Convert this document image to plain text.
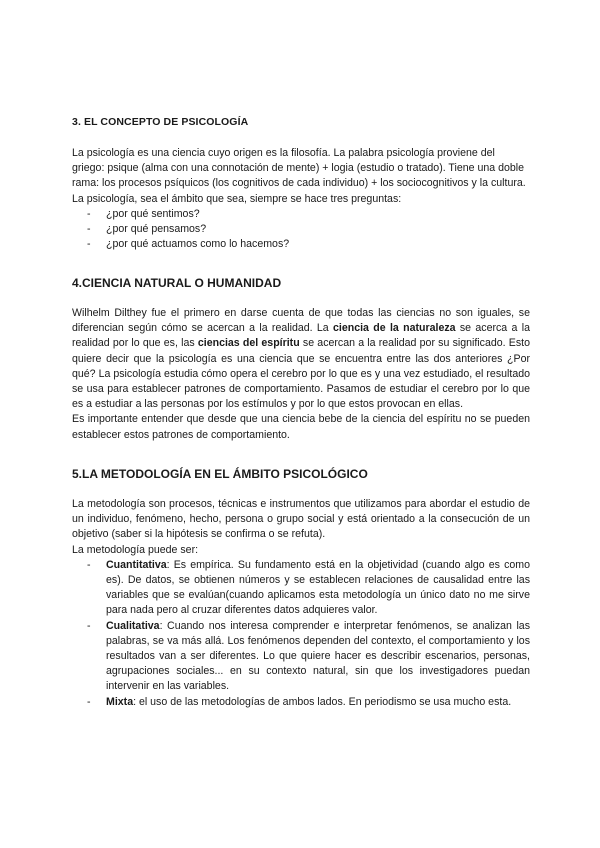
3. EL CONCEPTO DE PSICOLOGÍA

La psicología es una ciencia cuyo origen es la filosofía. La palabra psicología proviene del griego: psique (alma con una connotación de mente) + logia (estudio o tratado). Tiene una doble rama: los procesos psíquicos (los cognitivos de cada individuo) + los sociocognitivos y la cultura.

La psicología, sea el ámbito que sea, siempre se hace tres preguntas:

- ¿por qué sentimos?
- ¿por qué pensamos?
- ¿por qué actuamos como lo hacemos?
4.CIENCIA NATURAL O HUMANIDAD

Wilhelm Dilthey fue el primero en darse cuenta de que todas las ciencias no son iguales, se diferencian según cómo se acercan a la realidad. La ciencia de la naturaleza se acerca a la realidad por lo que es, las ciencias del espíritu se acercan a la realidad por su significado. Esto quiere decir que la psicología es una ciencia que se encuentra entre las dos anteriores ¿Por qué? La psicología estudia cómo opera el cerebro por lo que es y una vez estudiado, el resultado se usa para establecer patrones de comportamiento. Pasamos de estudiar el cerebro por lo que es a estudiar a las personas por los estímulos y por lo que estos provocan en ellas.

Es importante entender que desde que una ciencia bebe de la ciencia del espíritu no se pueden establecer estos patrones de comportamiento.

5.LA METODOLOGÍA EN EL ÁMBITO PSICOLÓGICO

La metodología son procesos, técnicas e instrumentos que utilizamos para abordar el estudio de un individuo, fenómeno, hecho, persona o grupo social y está orientado a la consecución de un objetivo (saber si la hipótesis se confirma o se refuta).

La metodología puede ser:

- Cuantitativa: Es empírica. Su fundamento está en la objetividad (cuando algo es como es). De datos, se obtienen números y se establecen relaciones de causalidad entre las variables que se evalúan(cuando aplicamos esta metodología un único dato no me sirve para nada pero al cruzar diferentes datos adquieres valor.
- Cualitativa: Cuando nos interesa comprender e interpretar fenómenos, se analizan las palabras, se va más allá. Los fenómenos dependen del contexto, el comportamiento y los resultados van a ser diferentes. Lo que quiere hacer es describir escenarios, personas, agrupaciones sociales... en su contexto natural, sin que los investigadores puedan intervenir en las variables.
- Mixta: el uso de las metodologías de ambos lados. En periodismo se usa mucho esta.
